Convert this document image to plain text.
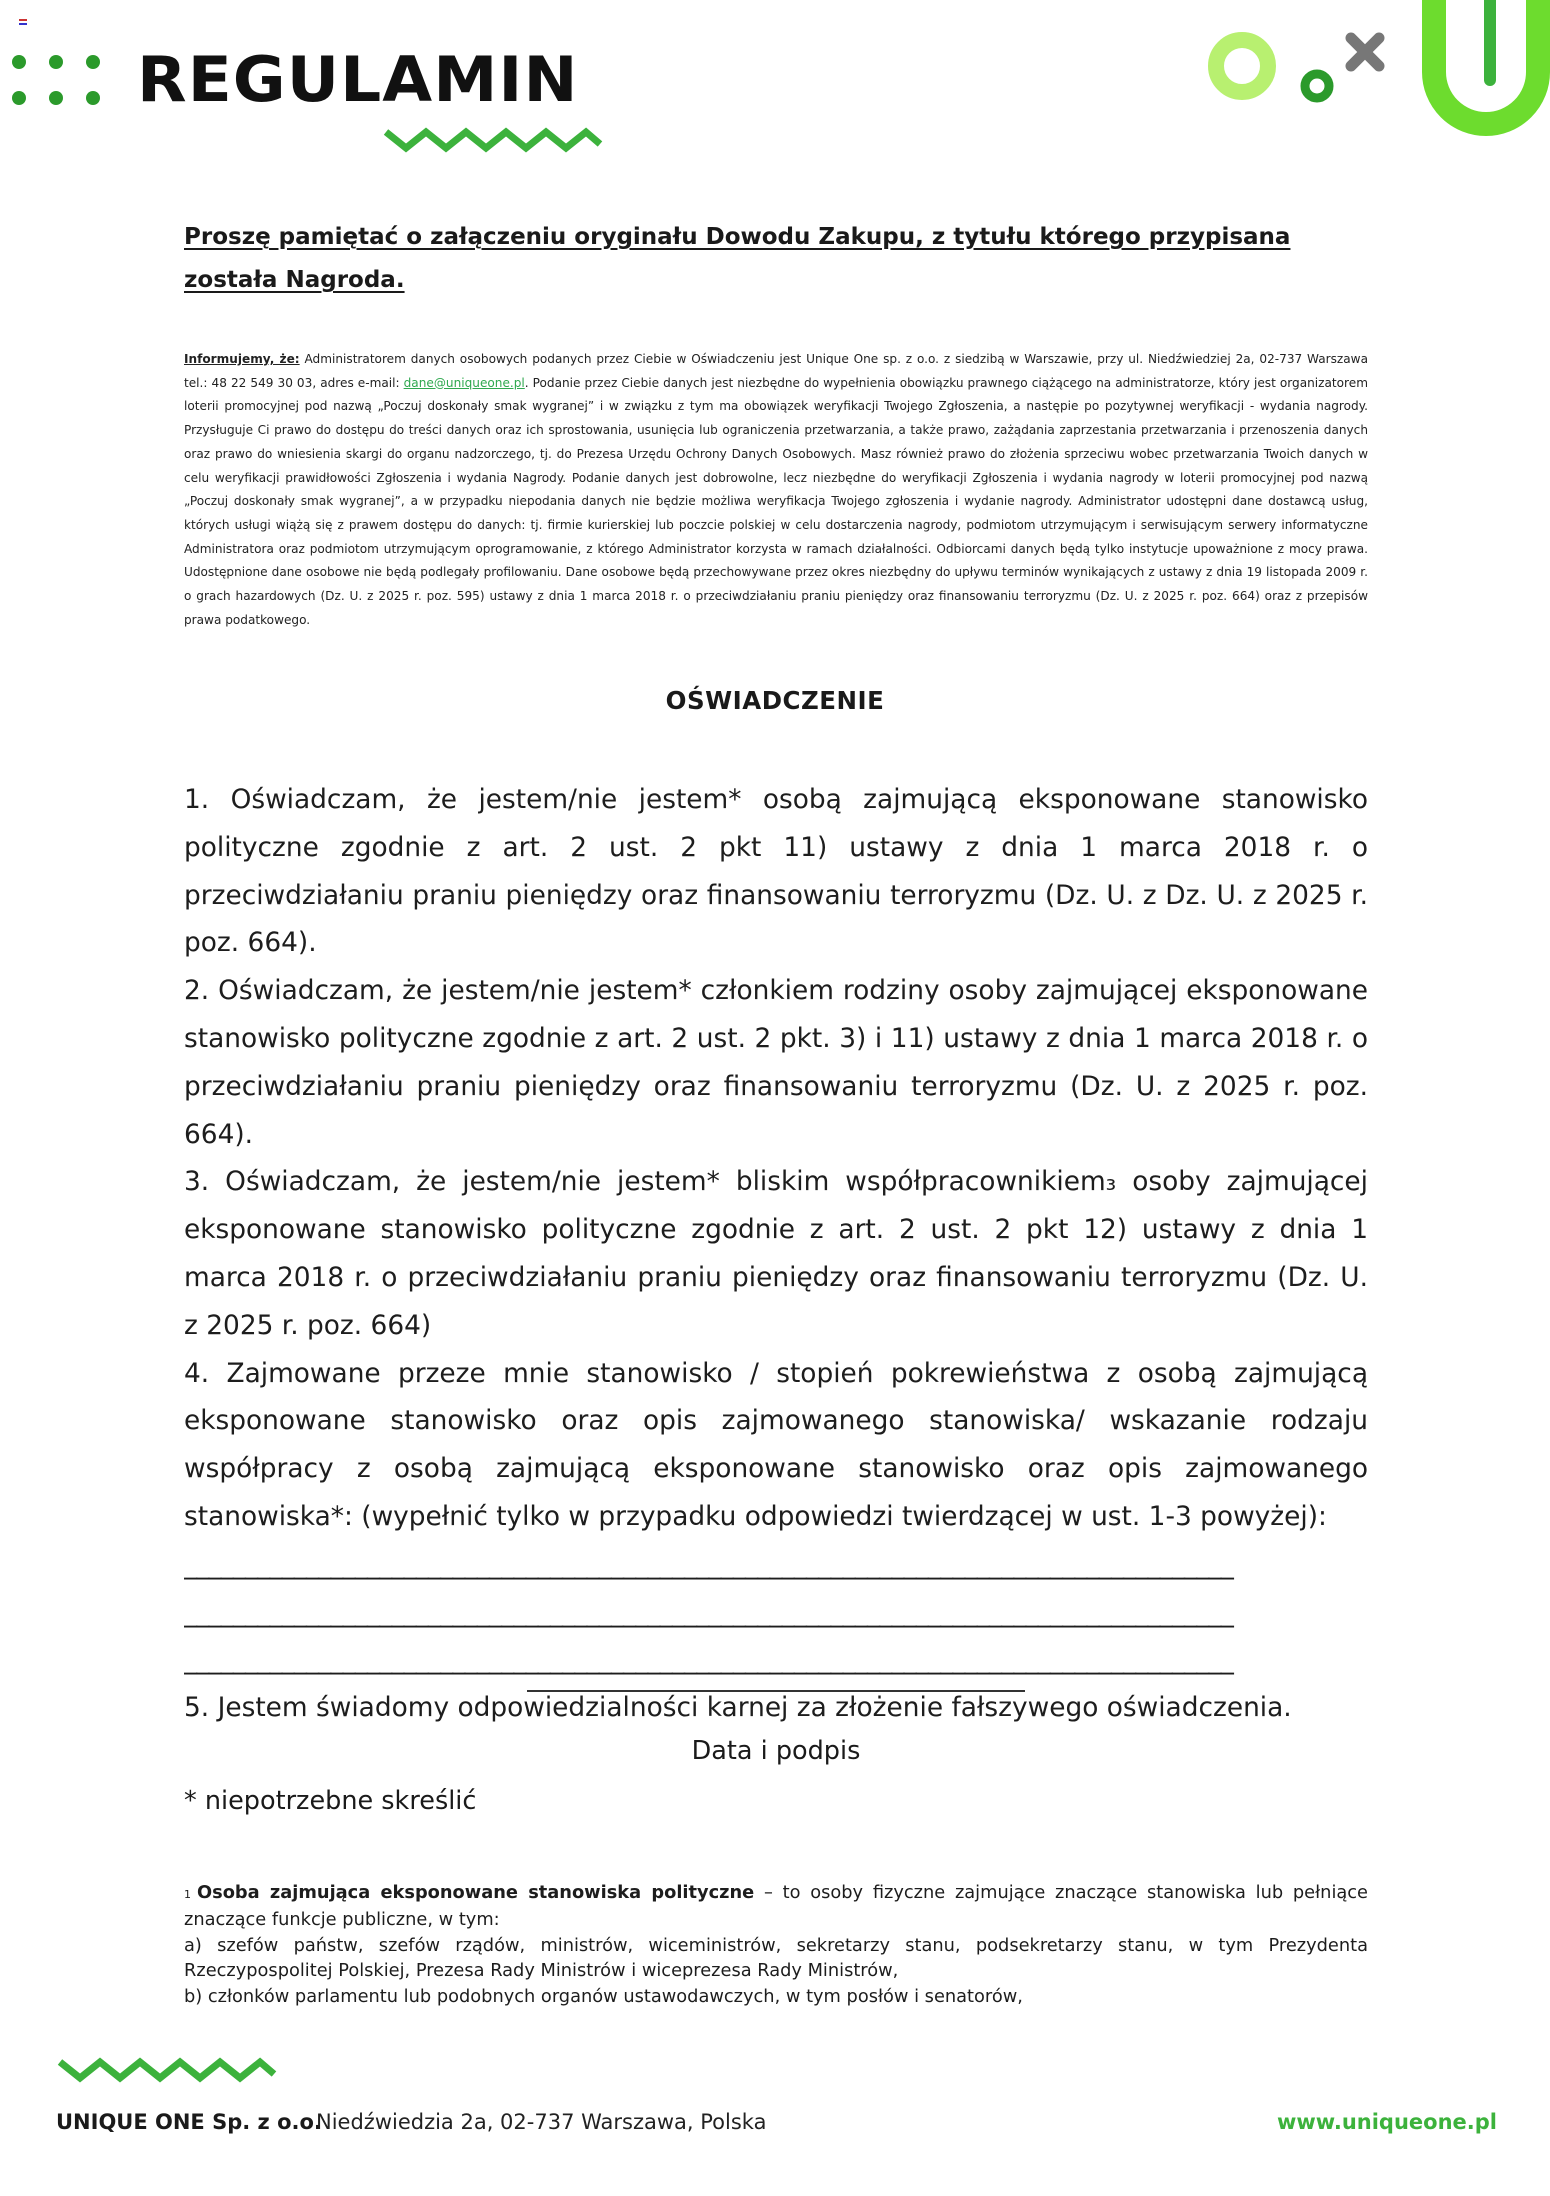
REGULAMIN
Proszę pamiętać o załączeniu oryginału Dowodu Zakupu, z tytułu którego przypisana została Nagroda.
Informujemy, że: Administratorem danych osobowych podanych przez Ciebie w Oświadczeniu jest Unique One sp. z o.o. z siedzibą w Warszawie, przy ul. Niedźwiedziej 2a, 02-737 Warszawa tel.: 48 22 549 30 03, adres e-mail: dane@uniqueone.pl. Podanie przez Ciebie danych jest niezbędne do wypełnienia obowiązku prawnego ciążącego na administratorze, który jest organizatorem loterii promocyjnej pod nazwą „Poczuj doskonały smak wygranej” i w związku z tym ma obowiązek weryfikacji Twojego Zgłoszenia, a następie po pozytywnej weryfikacji - wydania nagrody. Przysługuje Ci prawo do dostępu do treści danych oraz ich sprostowania, usunięcia lub ograniczenia przetwarzania, a także prawo, zażądania zaprzestania przetwarzania i przenoszenia danych oraz prawo do wniesienia skargi do organu nadzorczego, tj. do Prezesa Urzędu Ochrony Danych Osobowych. Masz również prawo do złożenia sprzeciwu wobec przetwarzania Twoich danych w celu weryfikacji prawidłowości Zgłoszenia i wydania Nagrody. Podanie danych jest dobrowolne, lecz niezbędne do weryfikacji Zgłoszenia i wydania nagrody w loterii promocyjnej pod nazwą „Poczuj doskonały smak wygranej”, a w przypadku niepodania danych nie będzie możliwa weryfikacja Twojego zgłoszenia i wydanie nagrody. Administrator udostępni dane dostawcą usług, których usługi wiążą się z prawem dostępu do danych: tj. firmie kurierskiej lub poczcie polskiej w celu dostarczenia nagrody, podmiotom utrzymującym i serwisującym serwery informatyczne Administratora oraz podmiotom utrzymującym oprogramowanie, z którego Administrator korzysta w ramach działalności. Odbiorcami danych będą tylko instytucje upoważnione z mocy prawa. Udostępnione dane osobowe nie będą podlegały profilowaniu. Dane osobowe będą przechowywane przez okres niezbędny do upływu terminów wynikających z ustawy z dnia 19 listopada 2009 r. o grach hazardowych (Dz. U. z 2025 r. poz. 595) ustawy z dnia 1 marca 2018 r. o przeciwdziałaniu praniu pieniędzy oraz finansowaniu terroryzmu (Dz. U. z 2025 r. poz. 664) oraz z przepisów prawa podatkowego.
OŚWIADCZENIE

1. Oświadczam, że jestem/nie jestem* osobą zajmującą eksponowane stanowisko polityczne zgodnie z art. 2 ust. 2 pkt 11) ustawy z dnia 1 marca 2018 r. o przeciwdziałaniu praniu pieniędzy oraz finansowaniu terroryzmu (Dz. U. z Dz. U. z 2025 r. poz. 664).

2. Oświadczam, że jestem/nie jestem* członkiem rodziny osoby zajmującej eksponowane stanowisko polityczne zgodnie z art. 2 ust. 2 pkt. 3) i 11) ustawy z dnia 1 marca 2018 r. o przeciwdziałaniu praniu pieniędzy oraz finansowaniu terroryzmu (Dz. U. z 2025 r. poz. 664).

3. Oświadczam, że jestem/nie jestem* bliskim współpracownikiem₃ osoby zajmującej eksponowane stanowisko polityczne zgodnie z art. 2 ust. 2 pkt 12) ustawy z dnia 1 marca 2018 r. o przeciwdziałaniu praniu pieniędzy oraz finansowaniu terroryzmu (Dz. U. z 2025 r. poz. 664)

4. Zajmowane przeze mnie stanowisko / stopień pokrewieństwa z osobą zajmującą eksponowane stanowisko oraz opis zajmowanego stanowiska/ wskazanie rodzaju współpracy z osobą zajmującą eksponowane stanowisko oraz opis zajmowanego stanowiska*: (wypełnić tylko w przypadku odpowiedzi twierdzącej w ust. 1-3 powyżej):

______________________________________________________________________________________
______________________________________________________________________________________
______________________________________________________________________________________

5. Jestem świadomy odpowiedzialności karnej za złożenie fałszywego oświadczenia.

Data i podpis
* niepotrzebne skreślić
1 Osoba zajmująca eksponowane stanowiska polityczne – to osoby fizyczne zajmujące znaczące stanowiska lub pełniące znaczące funkcje publiczne, w tym:
a) szefów państw, szefów rządów, ministrów, wiceministrów, sekretarzy stanu, podsekretarzy stanu, w tym Prezydenta Rzeczypospolitej Polskiej, Prezesa Rady Ministrów i wiceprezesa Rady Ministrów,
b) członków parlamentu lub podobnych organów ustawodawczych, w tym posłów i senatorów,
UNIQUE ONE Sp. z o.o.
Niedźwiedzia 2a, 02-737 Warszawa, Polska	www.uniqueone.pl
